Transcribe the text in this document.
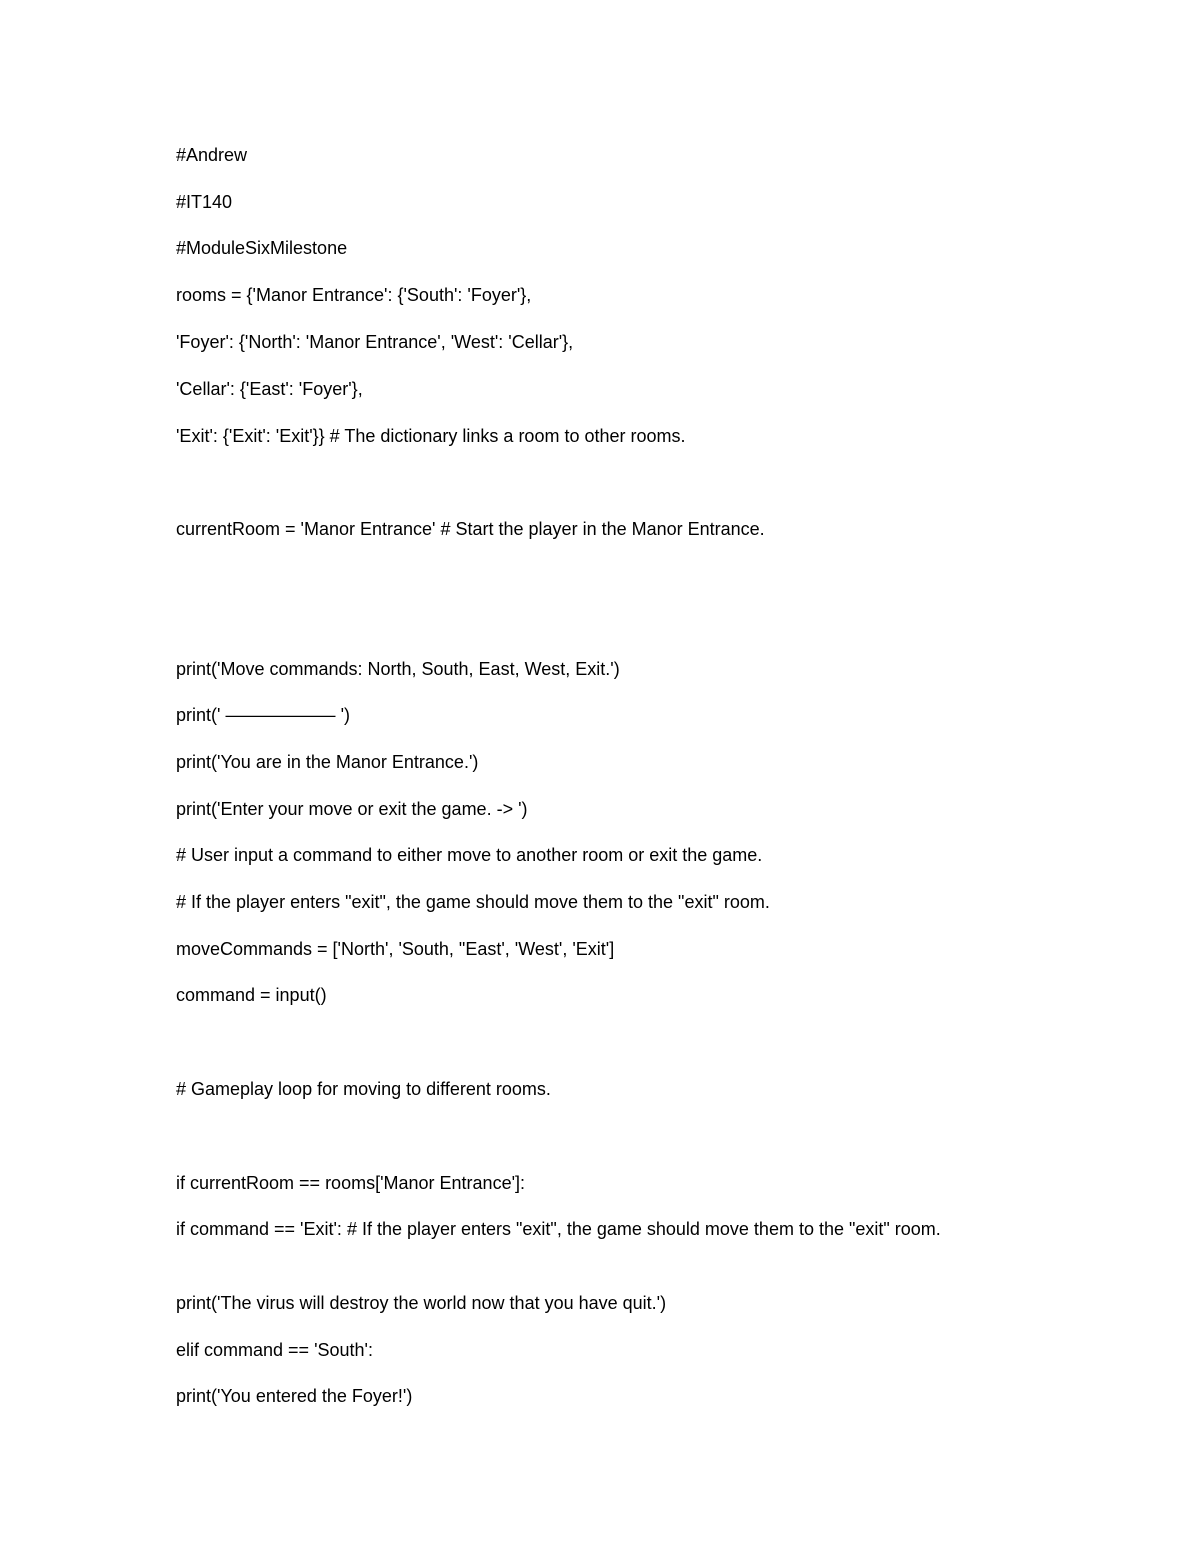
#Andrew
#IT140
#ModuleSixMilestone
rooms = {'Manor Entrance': {'South': 'Foyer'},
'Foyer': {'North': 'Manor Entrance', 'West': 'Cellar'},
'Cellar': {'East': 'Foyer'},
'Exit': {'Exit': 'Exit'}} # The dictionary links a room to other rooms.
currentRoom = 'Manor Entrance' # Start the player in the Manor Entrance.
print('Move commands: North, South, East, West, Exit.')
print(' ––––––––––– ')
print('You are in the Manor Entrance.')
print('Enter your move or exit the game. -> ')
# User input a command to either move to another room or exit the game.
# If the player enters "exit", the game should move them to the "exit" room.
moveCommands = ['North', 'South, "East', 'West', 'Exit']
command = input()
# Gameplay loop for moving to different rooms.
if currentRoom == rooms['Manor Entrance']:
if command == 'Exit': # If the player enters "exit", the game should move them to the "exit" room.
print('The virus will destroy the world now that you have quit.')
elif command == 'South':
print('You entered the Foyer!')
